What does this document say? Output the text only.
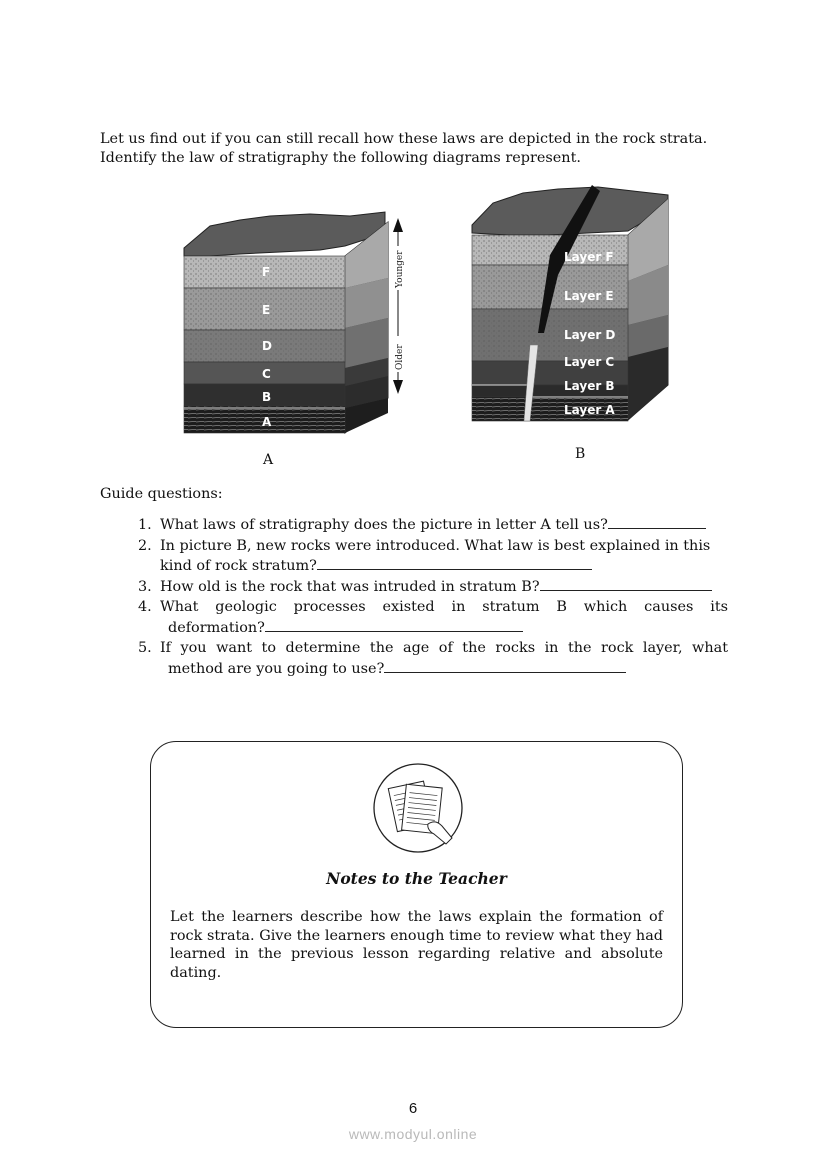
Let us find out if you can still recall how these laws are depicted in the rock strata.

Identify the law of stratigraphy the following diagrams represent.

F
E
D
C
B
A
Younger
Older
A
Layer F
Layer E
Layer D
Layer C
Layer B
Layer A
B
Guide questions:
1. What laws of stratigraphy does the picture in letter A tell us?
2. In picture B, new rocks were introduced. What law is best explained in this
kind of rock stratum?
3. How old is the rock that was intruded in stratum B?
4. What geologic processes existed in stratum B which causes its
deformation?
5. If you want to determine the age of the rocks in the rock layer, what
method are you going to use?
Notes to the Teacher
Let the learners describe how the laws explain the formation of rock strata. Give the learners enough time to review what they had learned in the previous lesson regarding relative and absolute dating.
6
www.modyul.online
